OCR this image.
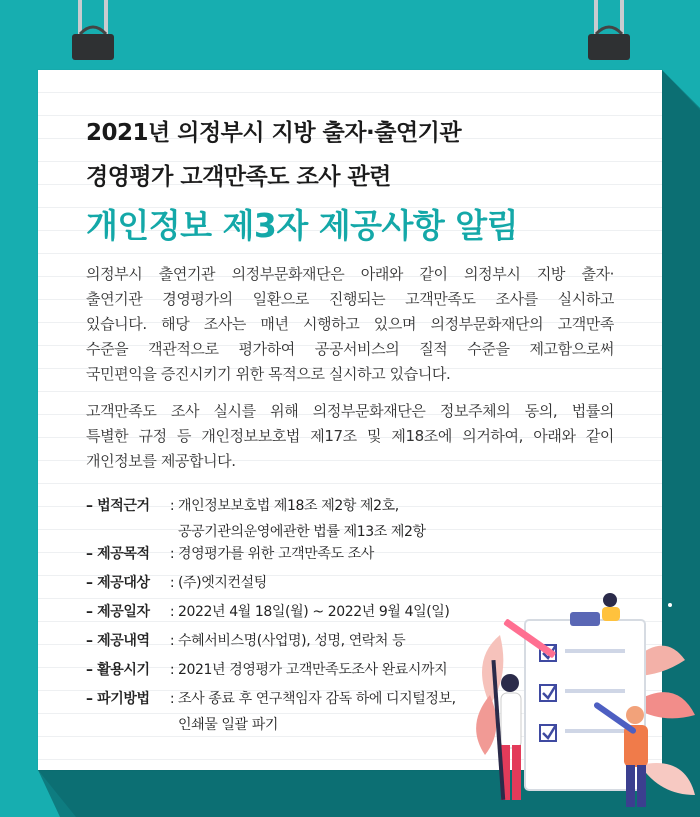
2021년 의정부시 지방 출자·출연기관
경영평가 고객만족도 조사 관련
개인정보 제3자 제공사항 알림

의정부시 출연기관 의정부문화재단은 아래와 같이 의정부시 지방 출자·
출연기관 경영평가의 일환으로 진행되는 고객만족도 조사를 실시하고
있습니다. 해당 조사는 매년 시행하고 있으며 의정부문화재단의 고객만족
수준을 객관적으로 평가하여 공공서비스의 질적 수준을 제고함으로써
국민편익을 증진시키기 위한 목적으로 실시하고 있습니다.

고객만족도 조사 실시를 위해 의정부문화재단은 정보주체의 동의, 법률의
특별한 규정 등 개인정보보호법 제17조 및 제18조에 의거하여, 아래와 같이
개인정보를 제공합니다.

– 법적근거	: 개인정보보호법 제18조 제2항 제2호,
공공기관의운영에관한 법률 제13조 제2항
– 제공목적	: 경영평가를 위한 고객만족도 조사
– 제공대상	: (주)엣지컨설팅
– 제공일자	: 2022년 4월 18일(월) ~ 2022년 9월 4일(일)
– 제공내역	: 수혜서비스명(사업명), 성명, 연락처 등
– 활용시기	: 2021년 경영평가 고객만족도조사 완료시까지
– 파기방법	: 조사 종료 후 연구책임자 감독 하에 디지털정보,
인쇄물 일괄 파기
